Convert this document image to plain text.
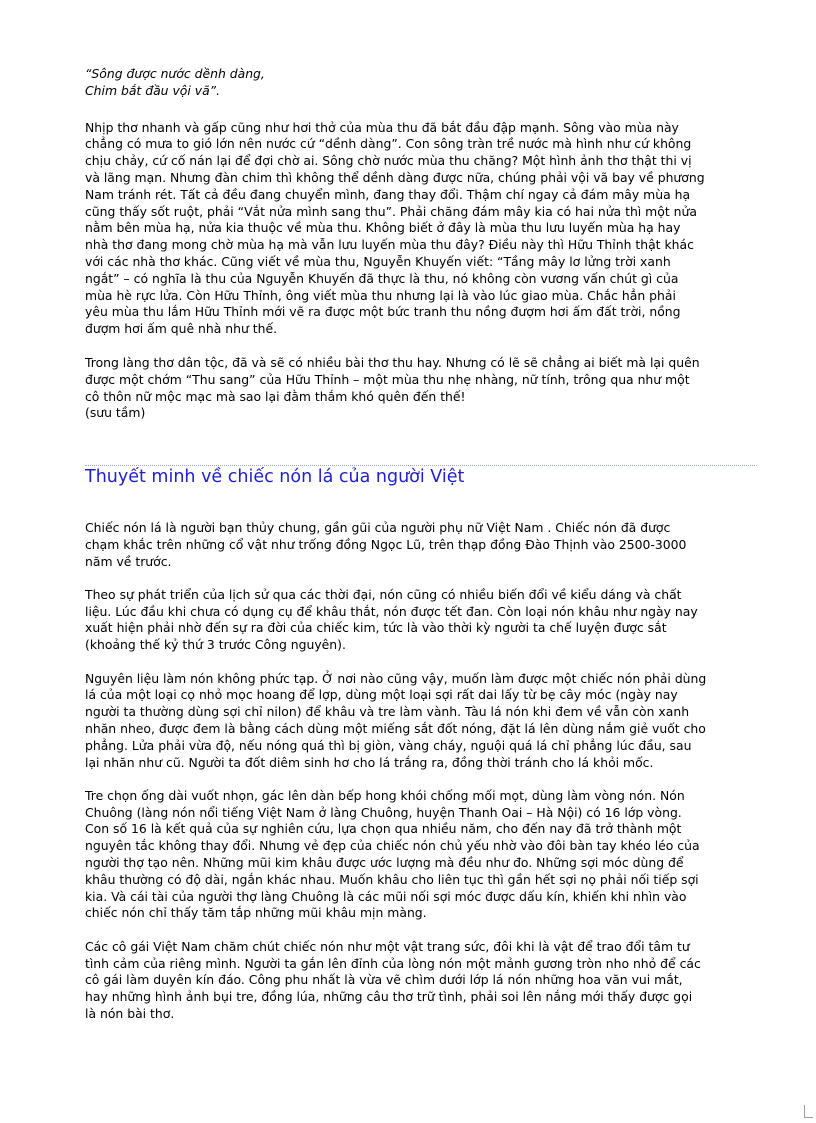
“Sông được nước dềnh dàng,
Chim bắt đầu vội vã”.

Nhịp thơ nhanh và gấp cũng như hơi thở của mùa thu đã bắt đầu đập mạnh. Sông vào mùa này
chẳng có mưa to gió lớn nên nước cứ “dềnh dàng”. Con sông tràn trề nước mà hình như cứ không
chịu chảy, cứ cố nán lại để đợi chờ ai. Sông chờ nước mùa thu chăng? Một hình ảnh thơ thật thi vị
và lãng mạn. Nhưng đàn chim thì không thể dềnh dàng được nữa, chúng phải vội vã bay về phương
Nam tránh rét. Tất cả đều đang chuyển mình, đang thay đổi. Thậm chí ngay cả đám mây mùa hạ
cũng thấy sốt ruột, phải “Vắt nửa mình sang thu”. Phải chăng đám mây kia có hai nửa thì một nửa
nằm bên mùa hạ, nửa kia thuộc về mùa thu. Không biết ở đây là mùa thu lưu luyến mùa hạ hay
nhà thơ đang mong chờ mùa hạ mà vẫn lưu luyến mùa thu đây? Điều này thì Hữu Thỉnh thật khác
với các nhà thơ khác. Cũng viết về mùa thu, Nguyễn Khuyến viết: “Tầng mây lơ lửng trời xanh
ngắt” – có nghĩa là thu của Nguyễn Khuyến đã thực là thu, nó không còn vương vấn chút gì của
mùa hè rực lửa. Còn Hữu Thỉnh, ông viết mùa thu nhưng lại là vào lúc giao mùa. Chắc hẳn phải
yêu mùa thu lắm Hữu Thỉnh mới vẽ ra được một bức tranh thu nồng đượm hơi ấm đất trời, nồng
đượm hơi ấm quê nhà như thế.

Trong làng thơ dân tộc, đã và sẽ có nhiều bài thơ thu hay. Nhưng có lẽ sẽ chẳng ai biết mà lại quên
được một chớm “Thu sang” của Hữu Thỉnh – một mùa thu nhẹ nhàng, nữ tính, trông qua như một
cô thôn nữ mộc mạc mà sao lại đằm thắm khó quên đến thế!
(sưu tầm)

Thuyết minh về chiếc nón lá của người Việt

Chiếc nón lá là người bạn thủy chung, gần gũi của người phụ nữ Việt Nam . Chiếc nón đã được
chạm khắc trên những cổ vật như trống đồng Ngọc Lũ, trên thạp đồng Đào Thịnh vào 2500-3000
năm về trước.

Theo sự phát triển của lịch sử qua các thời đại, nón cũng có nhiều biến đổi về kiểu dáng và chất
liệu. Lúc đầu khi chưa có dụng cụ để khâu thắt, nón được tết đan. Còn loại nón khâu như ngày nay
xuất hiện phải nhờ đến sự ra đời của chiếc kim, tức là vào thời kỳ người ta chế luyện được sắt
(khoảng thế kỷ thứ 3 trước Công nguyên).

Nguyên liệu làm nón không phức tạp. Ở nơi nào cũng vậy, muốn làm được một chiếc nón phải dùng
lá của một loại cọ nhỏ mọc hoang để lợp, dùng một loại sợi rất dai lấy từ bẹ cây móc (ngày nay
người ta thường dùng sợi chỉ nilon) để khâu và tre làm vành. Tàu lá nón khi đem về vẫn còn xanh
nhăn nheo, được đem là bằng cách dùng một miếng sắt đốt nóng, đặt lá lên dùng nắm giẻ vuốt cho
phẳng. Lửa phải vừa độ, nếu nóng quá thì bị giòn, vàng cháy, nguội quá lá chỉ phẳng lúc đầu, sau
lại nhăn như cũ. Người ta đốt diêm sinh hơ cho lá trắng ra, đồng thời tránh cho lá khỏi mốc.

Tre chọn ống dài vuốt nhọn, gác lên dàn bếp hong khói chống mối mọt, dùng làm vòng nón. Nón
Chuông (làng nón nổi tiếng Việt Nam ở làng Chuông, huyện Thanh Oai – Hà Nội) có 16 lớp vòng.
Con số 16 là kết quả của sự nghiên cứu, lựa chọn qua nhiều năm, cho đến nay đã trở thành một
nguyên tắc không thay đổi. Nhưng vẻ đẹp của chiếc nón chủ yếu nhờ vào đôi bàn tay khéo léo của
người thợ tạo nên. Những mũi kim khâu được ước lượng mà đều như đo. Những sợi móc dùng để
khâu thường có độ dài, ngắn khác nhau. Muốn khâu cho liên tục thì gần hết sợi nọ phải nối tiếp sợi
kia. Và cái tài của người thợ làng Chuông là các mũi nối sợi móc được dấu kín, khiến khi nhìn vào
chiếc nón chỉ thấy tăm tắp những mũi khâu mịn màng.

Các cô gái Việt Nam chăm chút chiếc nón như một vật trang sức, đôi khi là vật để trao đổi tâm tư
tình cảm của riêng mình. Người ta gắn lên đỉnh của lòng nón một mảnh gương tròn nho nhỏ để các
cô gái làm duyên kín đáo. Công phu nhất là vừa vẽ chìm dưới lớp lá nón những hoa văn vui mắt,
hay những hình ảnh bụi tre, đồng lúa, những câu thơ trữ tình, phải soi lên nắng mới thấy được gọi
là nón bài thơ.
